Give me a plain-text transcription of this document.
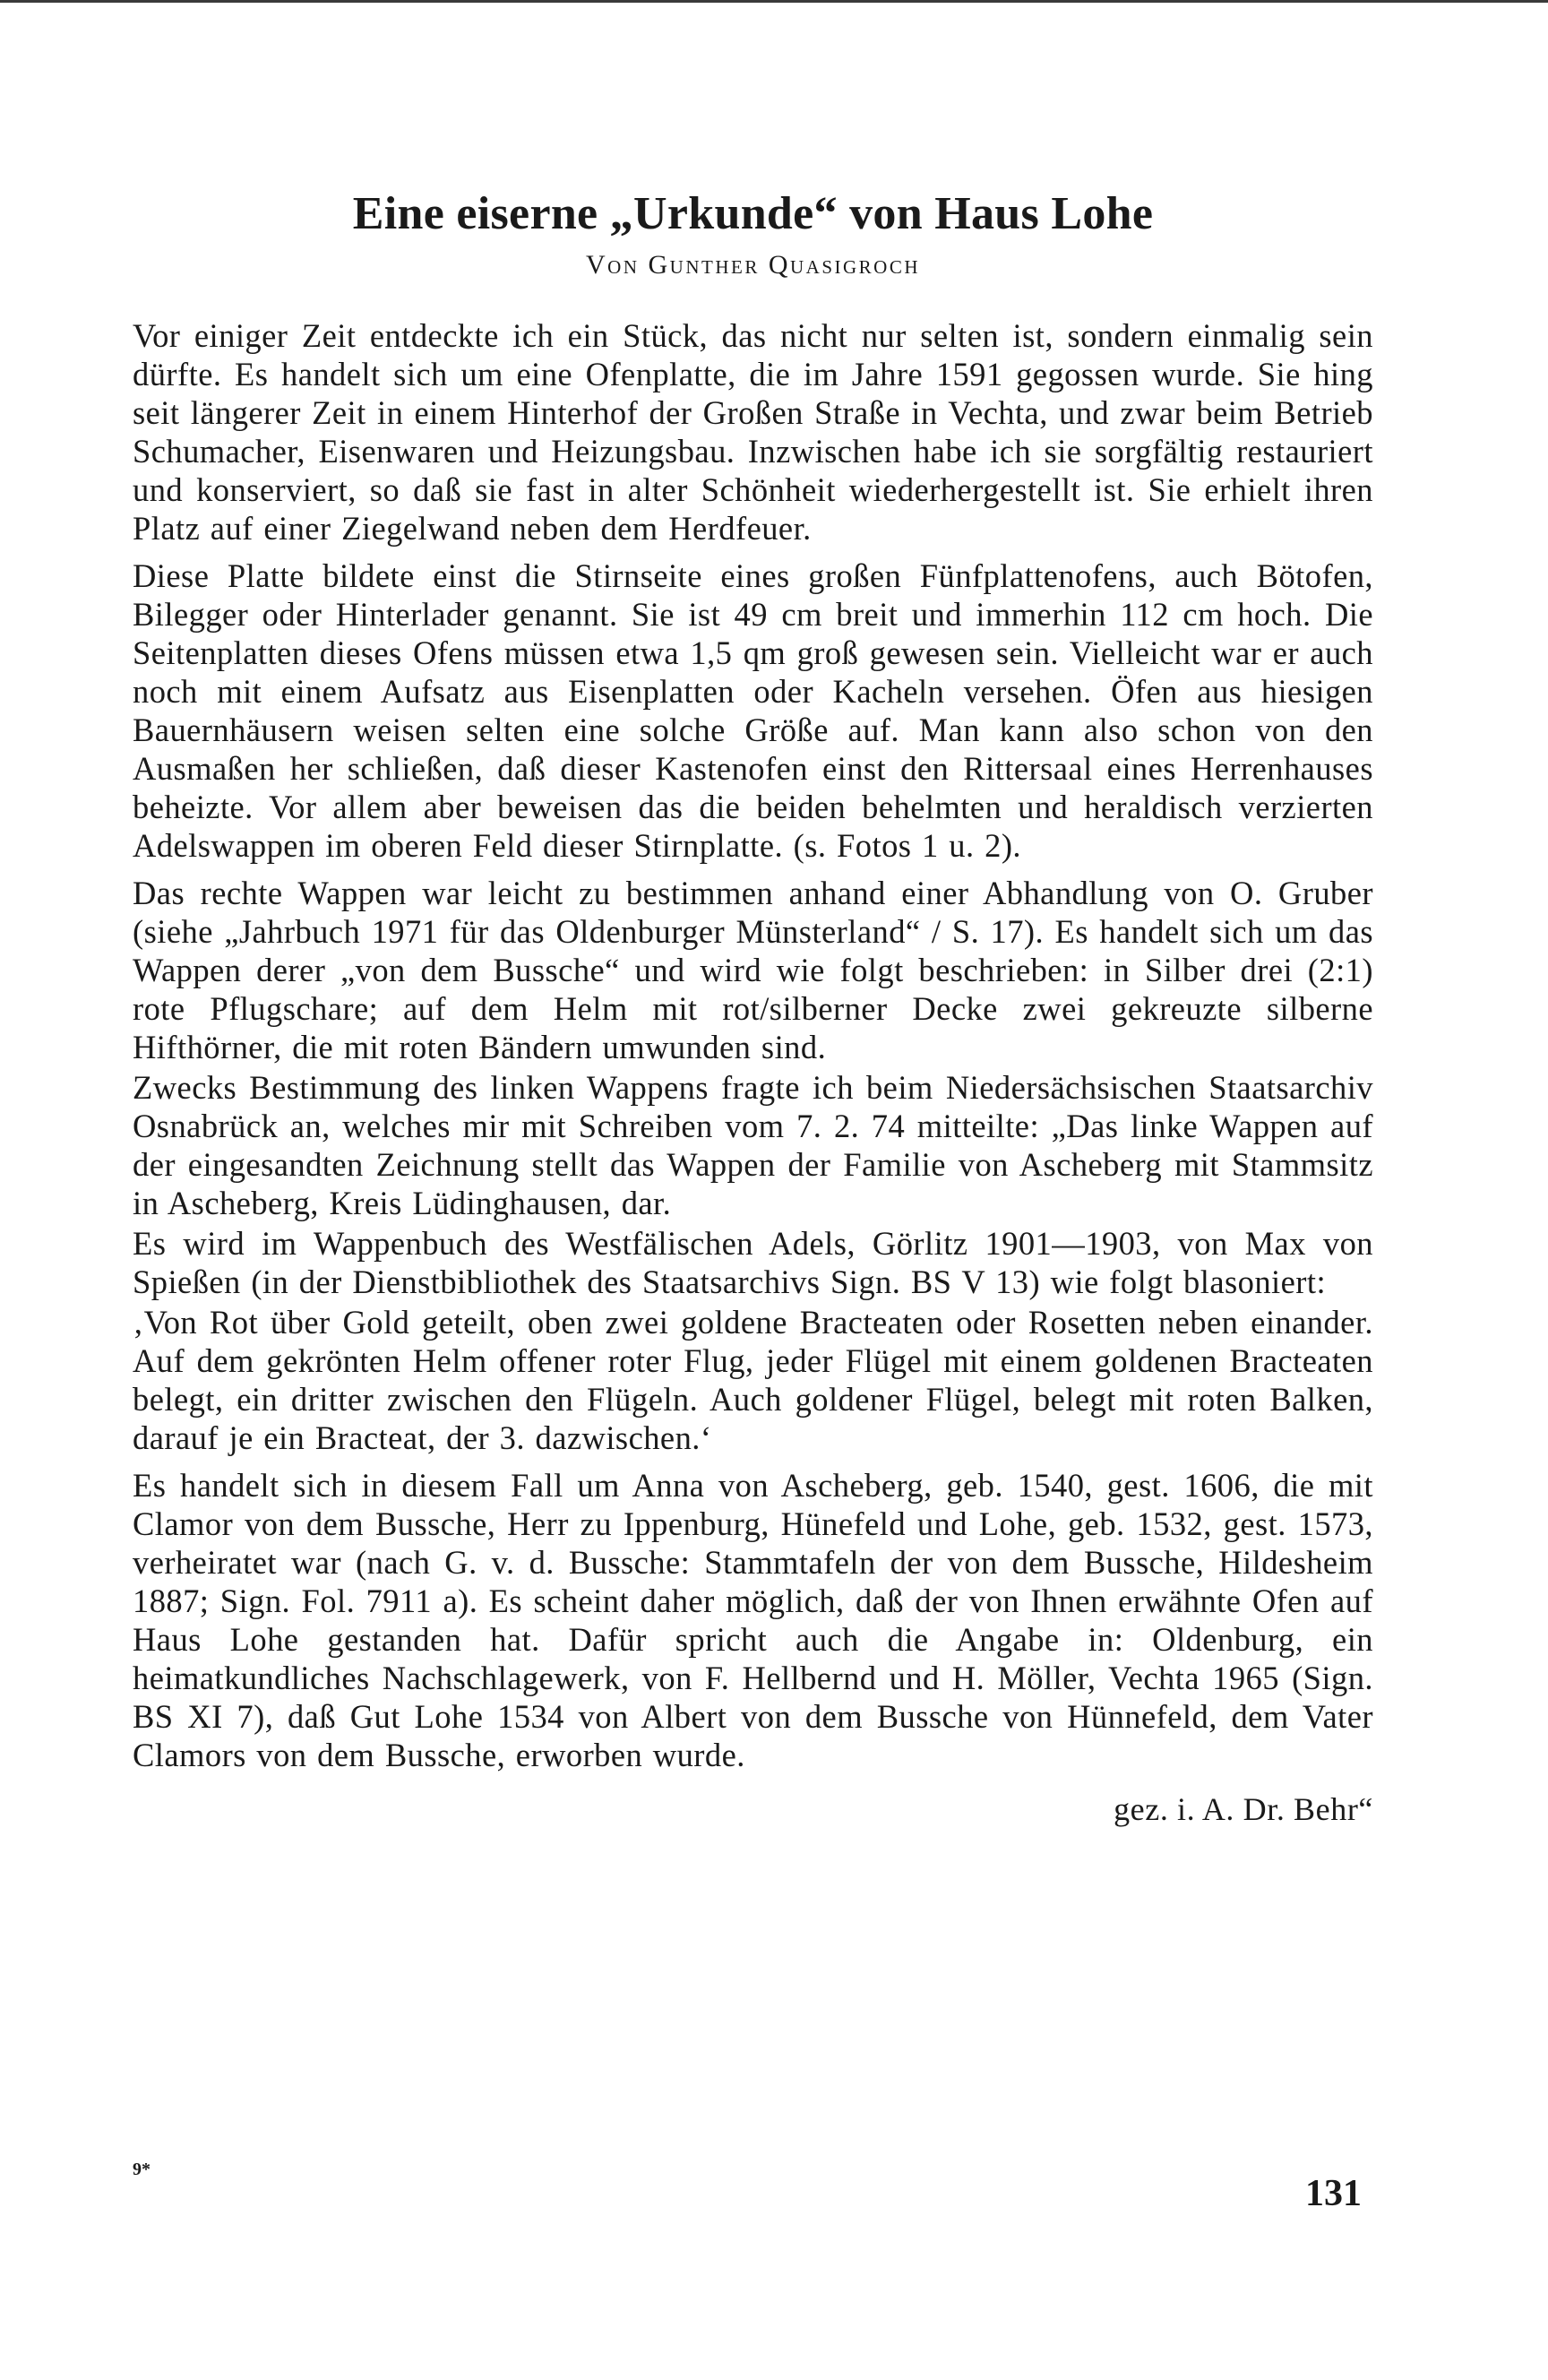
Eine eiserne „Urkunde“ von Haus Lohe
Von Gunther Quasigroch

Vor einiger Zeit entdeckte ich ein Stück, das nicht nur selten ist, sondern einmalig sein dürfte. Es handelt sich um eine Ofenplatte, die im Jahre 1591 gegossen wurde. Sie hing seit längerer Zeit in einem Hinterhof der Großen Straße in Vechta, und zwar beim Betrieb Schumacher, Eisenwaren und Heizungsbau. Inzwischen habe ich sie sorgfältig restauriert und konserviert, so daß sie fast in alter Schönheit wiederhergestellt ist. Sie erhielt ihren Platz auf einer Ziegelwand neben dem Herdfeuer.

Diese Platte bildete einst die Stirnseite eines großen Fünfplattenofens, auch Bötofen, Bilegger oder Hinterlader genannt. Sie ist 49 cm breit und immerhin 112 cm hoch. Die Seitenplatten dieses Ofens müssen etwa 1,5 qm groß gewesen sein. Vielleicht war er auch noch mit einem Aufsatz aus Eisenplatten oder Kacheln versehen. Öfen aus hiesigen Bauernhäusern weisen selten eine solche Größe auf. Man kann also schon von den Ausmaßen her schließen, daß dieser Kastenofen einst den Rittersaal eines Herrenhauses beheizte. Vor allem aber beweisen das die beiden behelmten und heraldisch verzierten Adelswappen im oberen Feld dieser Stirnplatte. (s. Fotos 1 u. 2).

Das rechte Wappen war leicht zu bestimmen anhand einer Abhandlung von O. Gruber (siehe „Jahrbuch 1971 für das Oldenburger Münsterland“ / S. 17). Es handelt sich um das Wappen derer „von dem Bussche“ und wird wie folgt beschrieben: in Silber drei (2:1) rote Pflugschare; auf dem Helm mit rot/silberner Decke zwei gekreuzte silberne Hifthörner, die mit roten Bändern umwunden sind.

Zwecks Bestimmung des linken Wappens fragte ich beim Niedersächsischen Staatsarchiv Osnabrück an, welches mir mit Schreiben vom 7. 2. 74 mitteilte: „Das linke Wappen auf der eingesandten Zeichnung stellt das Wappen der Familie von Ascheberg mit Stammsitz in Ascheberg, Kreis Lüdinghausen, dar.

Es wird im Wappenbuch des Westfälischen Adels, Görlitz 1901—1903, von Max von Spießen (in der Dienstbibliothek des Staatsarchivs Sign. BS V 13) wie folgt blasoniert:

‚Von Rot über Gold geteilt, oben zwei goldene Bracteaten oder Rosetten neben einander. Auf dem gekrönten Helm offener roter Flug, jeder Flügel mit einem goldenen Bracteaten belegt, ein dritter zwischen den Flügeln. Auch goldener Flügel, belegt mit roten Balken, darauf je ein Bracteat, der 3. dazwischen.‘

Es handelt sich in diesem Fall um Anna von Ascheberg, geb. 1540, gest. 1606, die mit Clamor von dem Bussche, Herr zu Ippenburg, Hünefeld und Lohe, geb. 1532, gest. 1573, verheiratet war (nach G. v. d. Bussche: Stammtafeln der von dem Bussche, Hildesheim 1887; Sign. Fol. 7911 a). Es scheint daher möglich, daß der von Ihnen erwähnte Ofen auf Haus Lohe gestanden hat. Dafür spricht auch die Angabe in: Oldenburg, ein heimatkundliches Nachschlagewerk, von F. Hellbernd und H. Möller, Vechta 1965 (Sign. BS XI 7), daß Gut Lohe 1534 von Albert von dem Bussche von Hünnefeld, dem Vater Clamors von dem Bussche, erworben wurde.

gez. i. A. Dr. Behr“
9*
131
